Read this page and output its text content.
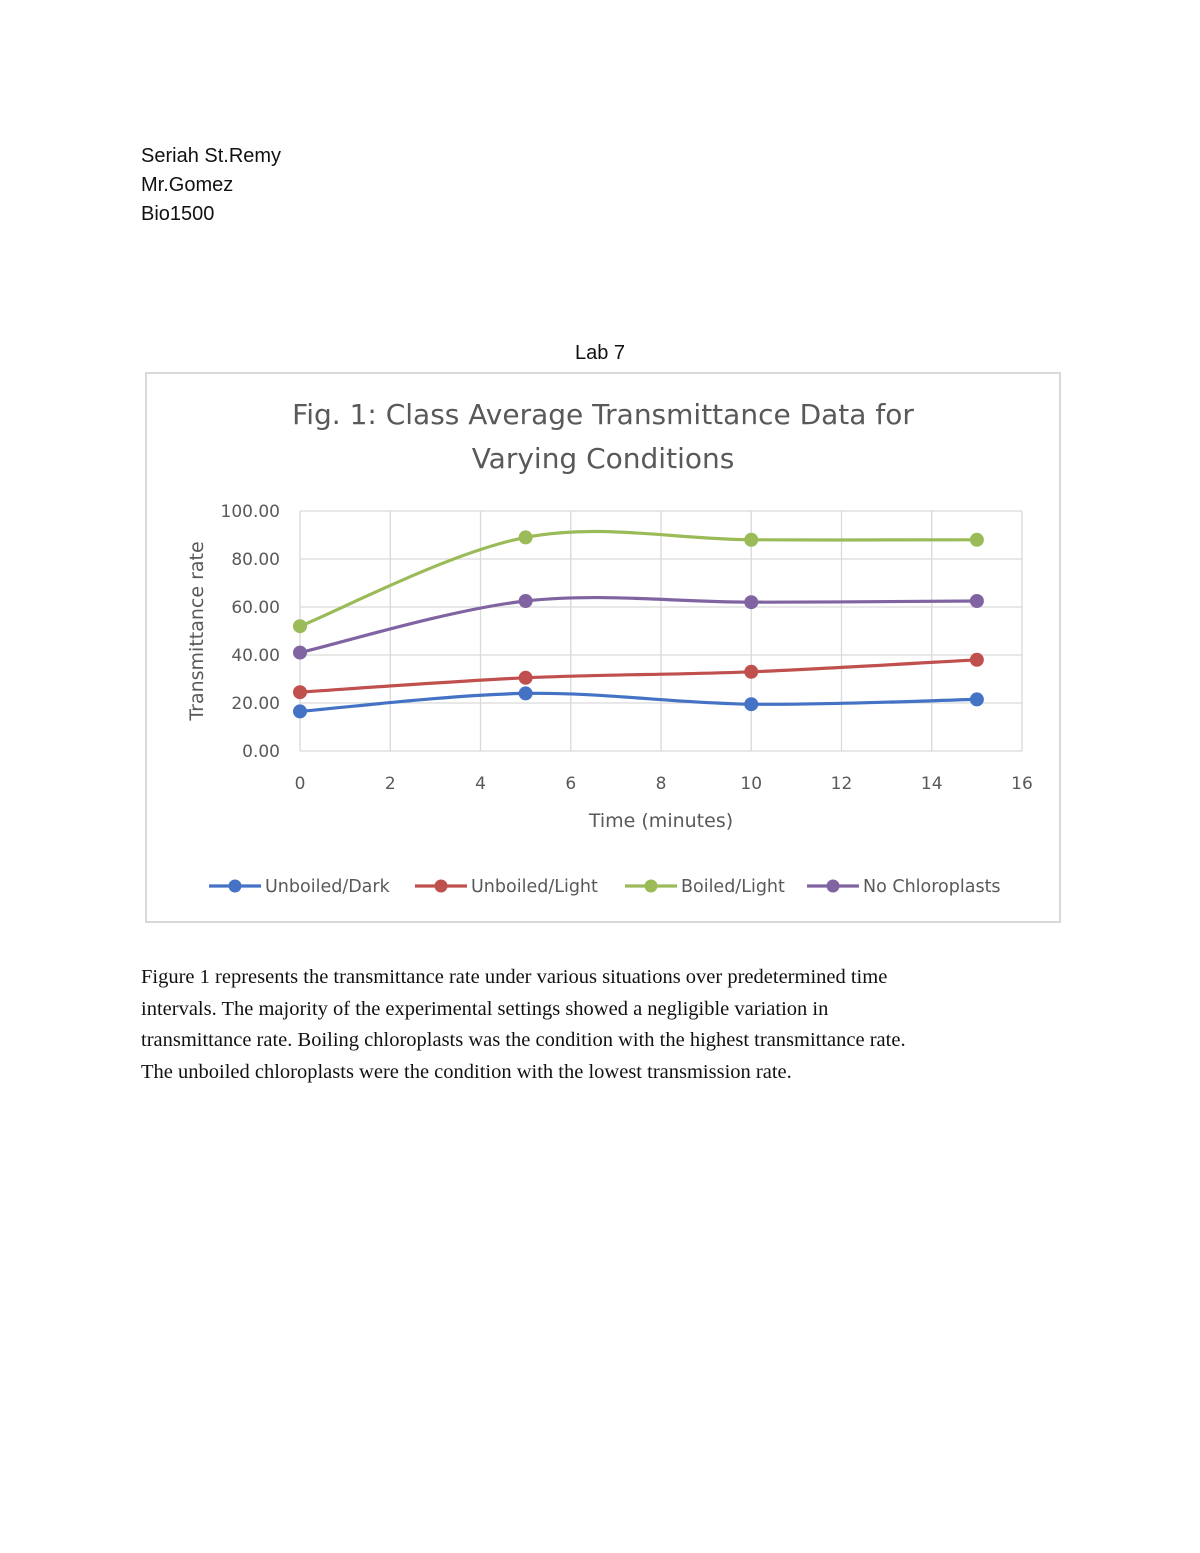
Seriah St.Remy
Mr.Gomez
Bio1500
Lab 7
Fig. 1: Class Average Transmittance Data for
Varying Conditions
0.00
20.00
40.00
60.00
80.00
100.00
0	2	4	6	8	10	12	14	16
Time (minutes)
Transmittance rate
Unboiled/Dark	Unboiled/Light	Boiled/Light	No Chloroplasts

Figure 1 represents the transmittance rate under various situations over predetermined time

intervals. The majority of the experimental settings showed a negligible variation in

transmittance rate. Boiling chloroplasts was the condition with the highest transmittance rate.

The unboiled chloroplasts were the condition with the lowest transmission rate.
